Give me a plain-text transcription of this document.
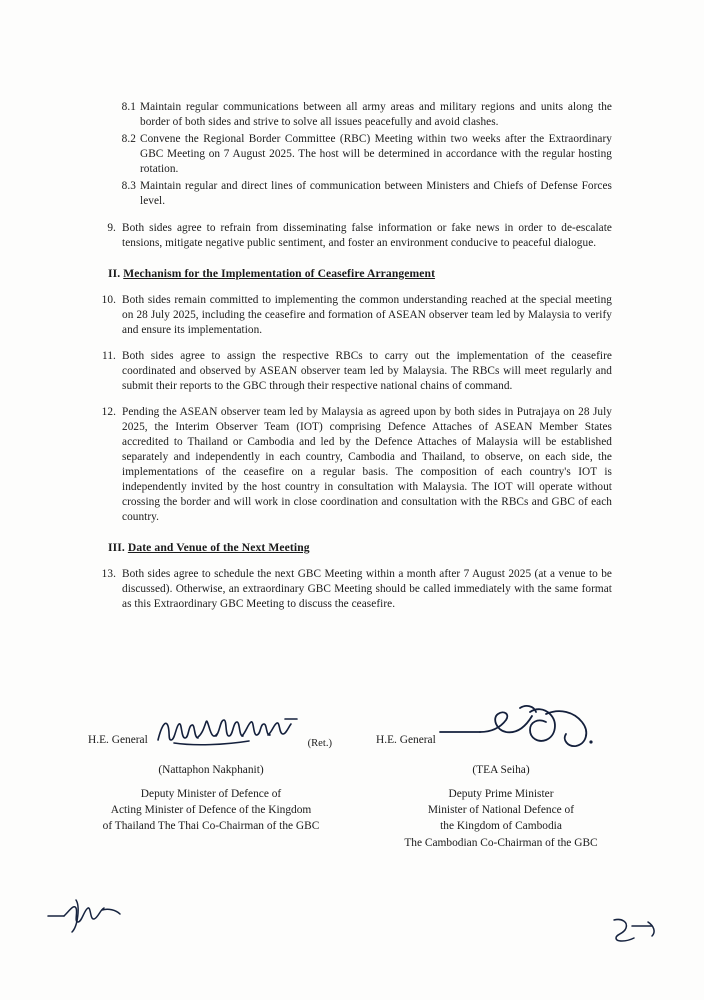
8.1 Maintain regular communications between all army areas and military regions and units along the border of both sides and strive to solve all issues peacefully and avoid clashes.
8.2 Convene the Regional Border Committee (RBC) Meeting within two weeks after the Extraordinary GBC Meeting on 7 August 2025. The host will be determined in accordance with the regular hosting rotation.
8.3 Maintain regular and direct lines of communication between Ministers and Chiefs of Defense Forces level.
9. Both sides agree to refrain from disseminating false information or fake news in order to de-escalate tensions, mitigate negative public sentiment, and foster an environment conducive to peaceful dialogue.
II. Mechanism for the Implementation of Ceasefire Arrangement
10. Both sides remain committed to implementing the common understanding reached at the special meeting on 28 July 2025, including the ceasefire and formation of ASEAN observer team led by Malaysia to verify and ensure its implementation.
11. Both sides agree to assign the respective RBCs to carry out the implementation of the ceasefire coordinated and observed by ASEAN observer team led by Malaysia. The RBCs will meet regularly and submit their reports to the GBC through their respective national chains of command.
12. Pending the ASEAN observer team led by Malaysia as agreed upon by both sides in Putrajaya on 28 July 2025, the Interim Observer Team (IOT) comprising Defence Attaches of ASEAN Member States accredited to Thailand or Cambodia and led by the Defence Attaches of Malaysia will be established separately and independently in each country, Cambodia and Thailand, to observe, on each side, the implementations of the ceasefire on a regular basis. The composition of each country's IOT is independently invited by the host country in consultation with Malaysia. The IOT will operate without crossing the border and will work in close coordination and consultation with the RBCs and GBC of each country.
III. Date and Venue of the Next Meeting
13. Both sides agree to schedule the next GBC Meeting within a month after 7 August 2025 (at a venue to be discussed). Otherwise, an extraordinary GBC Meeting should be called immediately with the same format as this Extraordinary GBC Meeting to discuss the ceasefire.
H.E. General	(Ret.)
(Nattaphon Nakphanit)
Deputy Minister of Defence of
Acting Minister of Defence of the Kingdom
of Thailand The Thai Co-Chairman of the GBC
H.E. General
(TEA Seiha)
Deputy Prime Minister
Minister of National Defence of
the Kingdom of Cambodia
The Cambodian Co-Chairman of the GBC
